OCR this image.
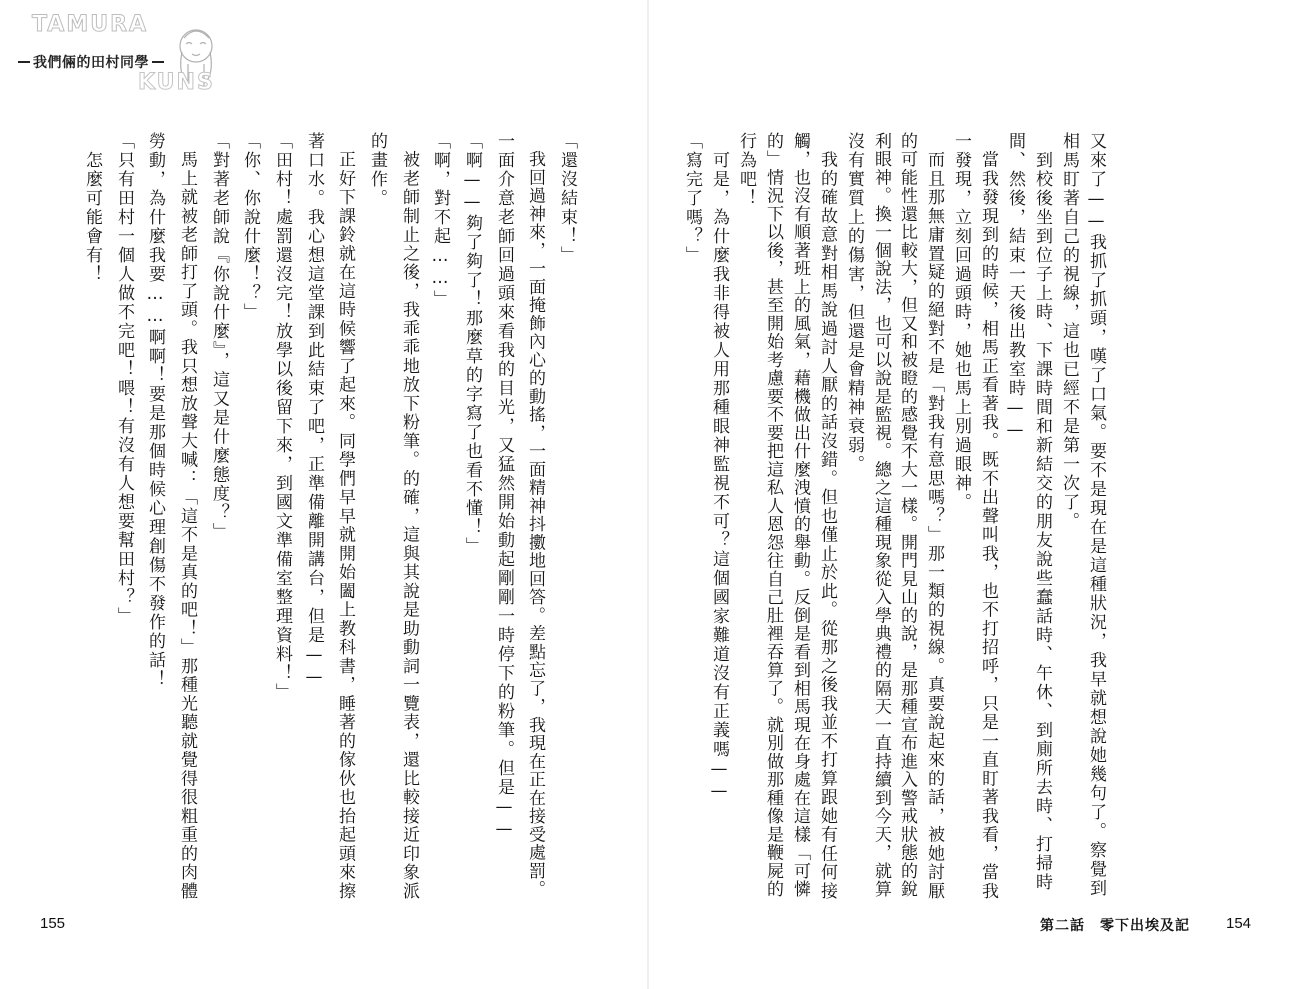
TAMURA
我們倆的田村同學
KUNS
155	第二話　零下出埃及記 154
又來了——我抓了抓頭，嘆了口氣。要不是現在是這種狀況，我早就想說她幾句了。察覺到
相馬盯著自己的視線，這也已經不是第一次了。
　到校後坐到位子上時、下課時間和新結交的朋友說些蠢話時、午休、到廁所去時、打掃時
間、然後，結束一天後出教室時——
　當我發現到的時候，相馬正看著我。既不出聲叫我，也不打招呼，只是一直盯著我看，當我
一發現，立刻回過頭時，她也馬上別過眼神。
　而且那無庸置疑的絕對不是「對我有意思嗎？」那一類的視線。真要說起來的話，被她討厭
的可能性還比較大，但又和被瞪的感覺不大一樣。開門見山的說，是那種宣布進入警戒狀態的銳
利眼神。換一個說法，也可以說是監視。總之這種現象從入學典禮的隔天一直持續到今天，就算
沒有實質上的傷害，但還是會精神衰弱。
　我的確故意對相馬說過討人厭的話沒錯。但也僅止於此。從那之後我並不打算跟她有任何接
觸，也沒有順著班上的風氣，藉機做出什麼洩憤的舉動。反倒是看到相馬現在身處在這樣「可憐
的」情況下以後，甚至開始考慮要不要把這私人恩怨往自己肚裡吞算了。就別做那種像是鞭屍的
行為吧！
　可是，為什麼我非得被人用那種眼神監視不可？這個國家難道沒有正義嗎——
「寫完了嗎？」
「還沒結束！」
　我回過神來，一面掩飾內心的動搖，一面精神抖擻地回答。差點忘了，我現在正在接受處罰。
一面介意老師回過頭來看我的目光，又猛然開始動起剛剛一時停下的粉筆。但是——
「啊——夠了夠了！那麼草的字寫了也看不懂！」
「啊，對不起……」
　被老師制止之後，我乖乖地放下粉筆。的確，這與其說是助動詞一覽表，還比較接近印象派
的畫作。
　正好下課鈴就在這時候響了起來。同學們早早就開始闔上教科書，睡著的傢伙也抬起頭來擦
著口水。我心想這堂課到此結束了吧，正準備離開講台，但是——
「田村！處罰還沒完！放學以後留下來，到國文準備室整理資料！」
「你、你說什麼！？」
「對著老師說『你說什麼』，這又是什麼態度？」
　馬上就被老師打了頭。我只想放聲大喊：「這不是真的吧！」那種光聽就覺得很粗重的肉體
勞動，為什麼我要……啊啊！要是那個時候心理創傷不發作的話！
「只有田村一個人做不完吧！喂！有沒有人想要幫田村？」
　怎麼可能會有！
